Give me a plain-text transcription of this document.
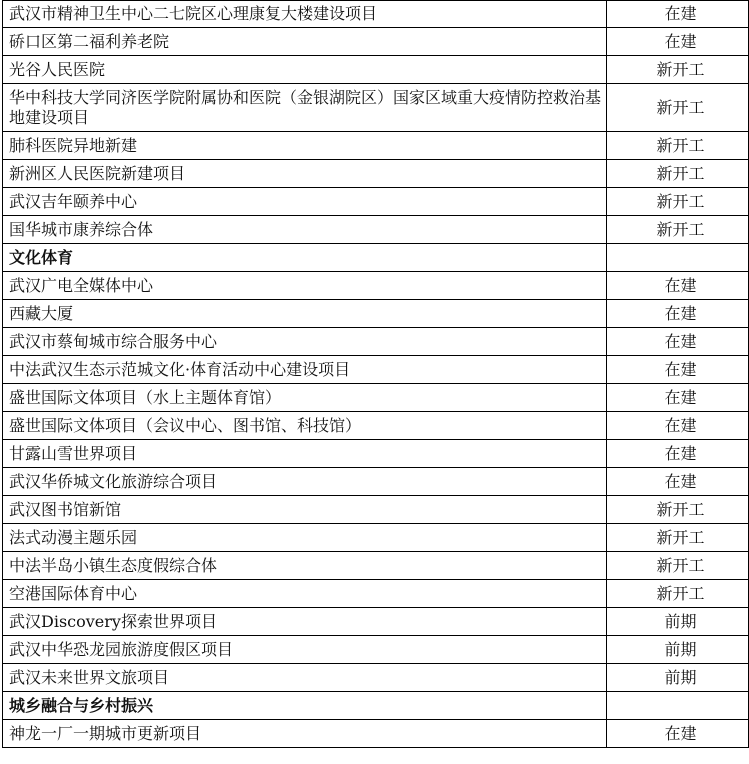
武汉市精神卫生中心二七院区心理康复大楼建设项目	在建
硚口区第二福利养老院	在建
光谷人民医院	新开工
华中科技大学同济医学院附属协和医院（金银湖院区）国家区域重大疫情防控救治基地建设项目	新开工
肺科医院异地新建	新开工
新洲区人民医院新建项目	新开工
武汉吉年颐养中心	新开工
国华城市康养综合体	新开工
文化体育	
武汉广电全媒体中心	在建
西藏大厦	在建
武汉市蔡甸城市综合服务中心	在建
中法武汉生态示范城文化·体育活动中心建设项目	在建
盛世国际文体项目（水上主题体育馆）	在建
盛世国际文体项目（会议中心、图书馆、科技馆）	在建
甘露山雪世界项目	在建
武汉华侨城文化旅游综合项目	在建
武汉图书馆新馆	新开工
法式动漫主题乐园	新开工
中法半岛小镇生态度假综合体	新开工
空港国际体育中心	新开工
武汉Discovery探索世界项目	前期
武汉中华恐龙园旅游度假区项目	前期
武汉未来世界文旅项目	前期
城乡融合与乡村振兴	
神龙一厂一期城市更新项目	在建
